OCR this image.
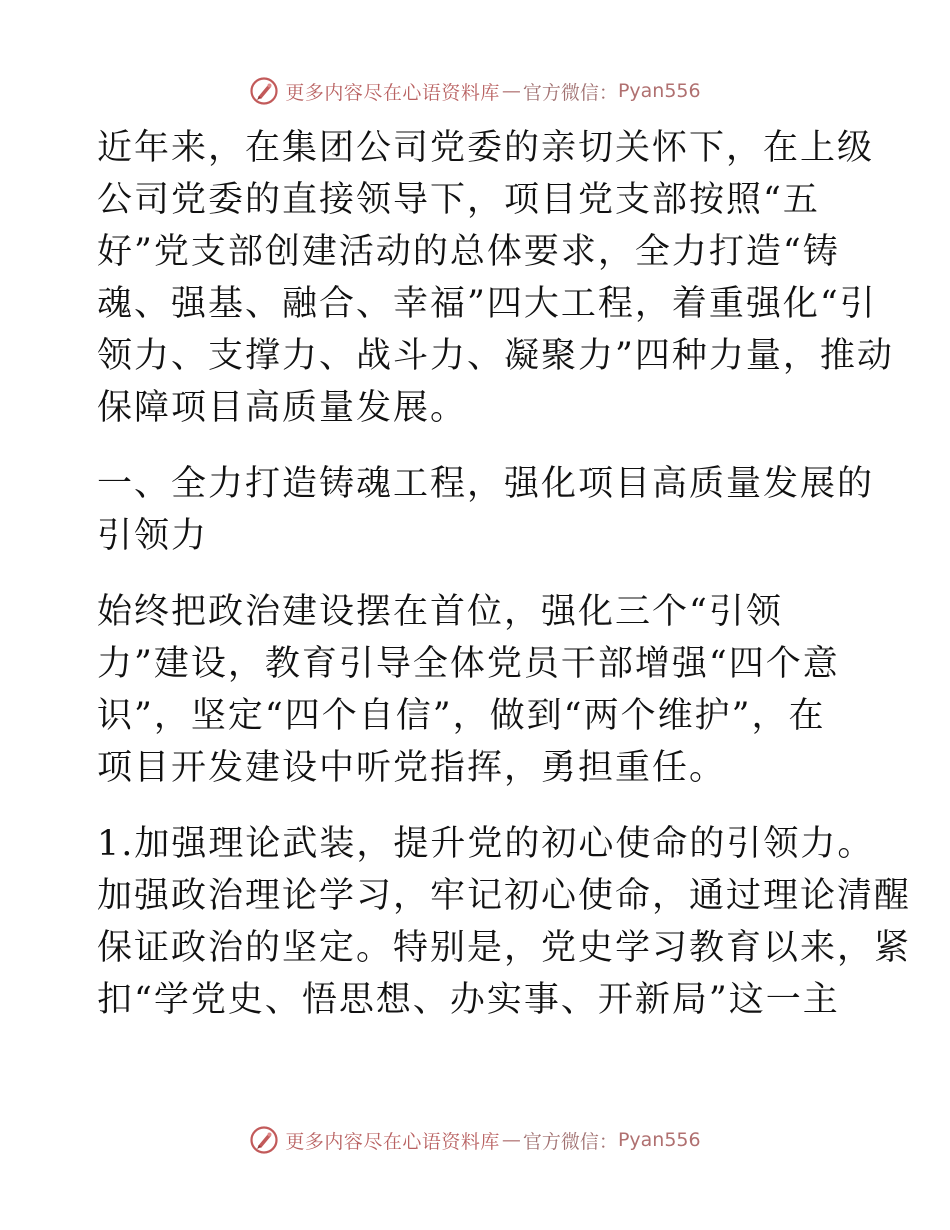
更多内容尽在心语资料库 — 官方微信： Pyan556

近年来，在集团公司党委的亲切关怀下，在上级
公司党委的直接领导下，项目党支部按照“五
好”党支部创建活动的总体要求，全力打造“铸
魂、强基、融合、幸福”四大工程，着重强化“引
领力、支撑力、战斗力、凝聚力”四种力量，推动
保障项目高质量发展。

一、全力打造铸魂工程，强化项目高质量发展的
引领力

始终把政治建设摆在首位，强化三个“引领
力”建设，教育引导全体党员干部增强“四个意
识”，坚定“四个自信”，做到“两个维护”，在
项目开发建设中听党指挥，勇担重任。

1.加强理论武装，提升党的初心使命的引领力。
加强政治理论学习，牢记初心使命，通过理论清醒
保证政治的坚定。特别是，党史学习教育以来，紧
扣“学党史、悟思想、办实事、开新局”这一主

更多内容尽在心语资料库 — 官方微信： Pyan556
